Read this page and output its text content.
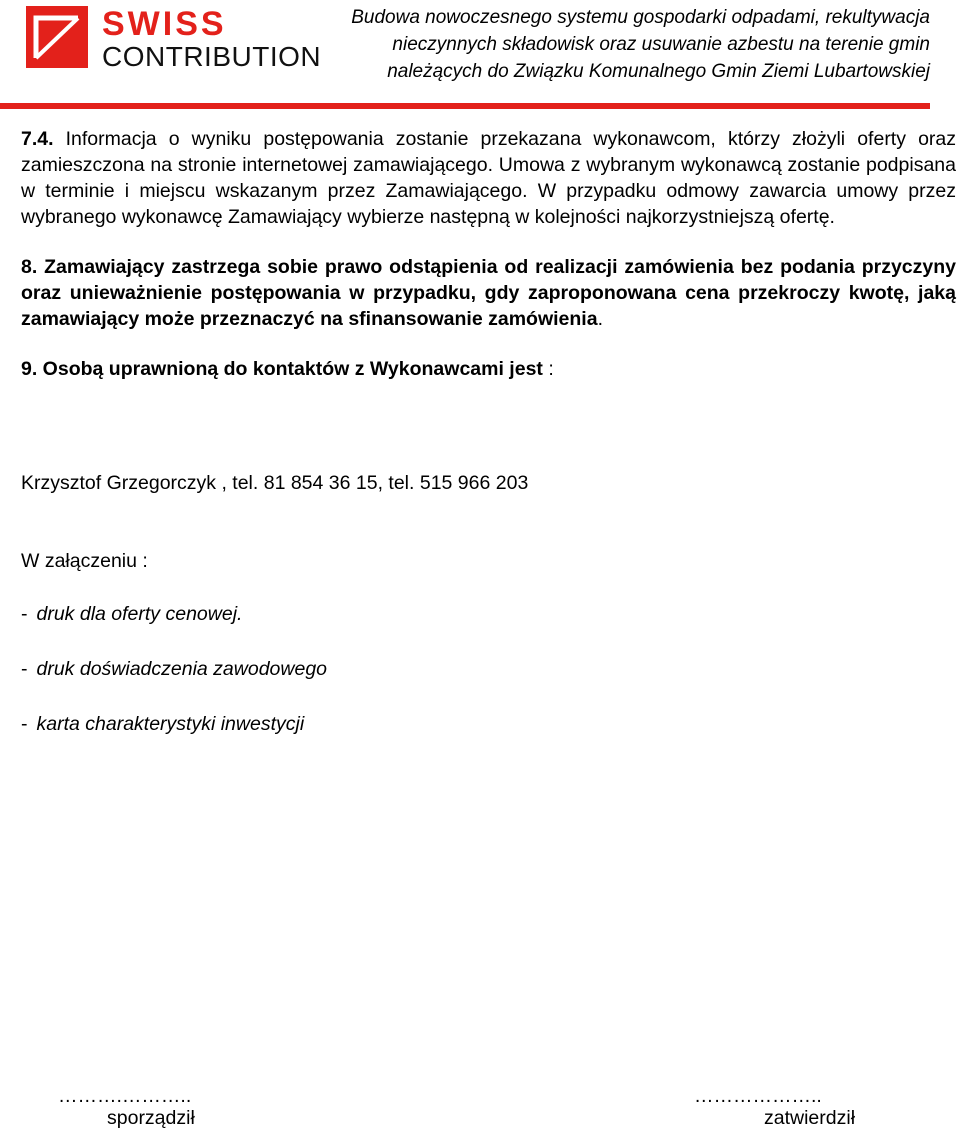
SWISS
CONTRIBUTION
Budowa nowoczesnego systemu gospodarki odpadami, rekultywacja
nieczynnych składowisk oraz usuwanie azbestu na terenie gmin
należących do Związku Komunalnego Gmin Ziemi Lubartowskiej

7.4. Informacja o wyniku postępowania zostanie przekazana wykonawcom, którzy złożyli oferty oraz zamieszczona na stronie internetowej zamawiającego. Umowa z wybranym wykonawcą zostanie podpisana w terminie i miejscu wskazanym przez Zamawiającego. W przypadku odmowy zawarcia umowy przez wybranego wykonawcę Zamawiający wybierze następną w kolejności najkorzystniejszą ofertę.

8. Zamawiający zastrzega sobie prawo odstąpienia od realizacji zamówienia bez podania przyczyny oraz unieważnienie postępowania w przypadku, gdy zaproponowana cena przekroczy kwotę, jaką zamawiający może przeznaczyć na sfinansowanie zamówienia.

9. Osobą uprawnioną do kontaktów z Wykonawcami jest :

Krzysztof Grzegorczyk , tel. 81 854 36 15, tel. 515 966 203
W załączeniu :
- druk dla oferty cenowej.
- druk doświadczenia zawodowego
- karta charakterystyki inwestycji
……….………..
sporządził
………………..
zatwierdził
